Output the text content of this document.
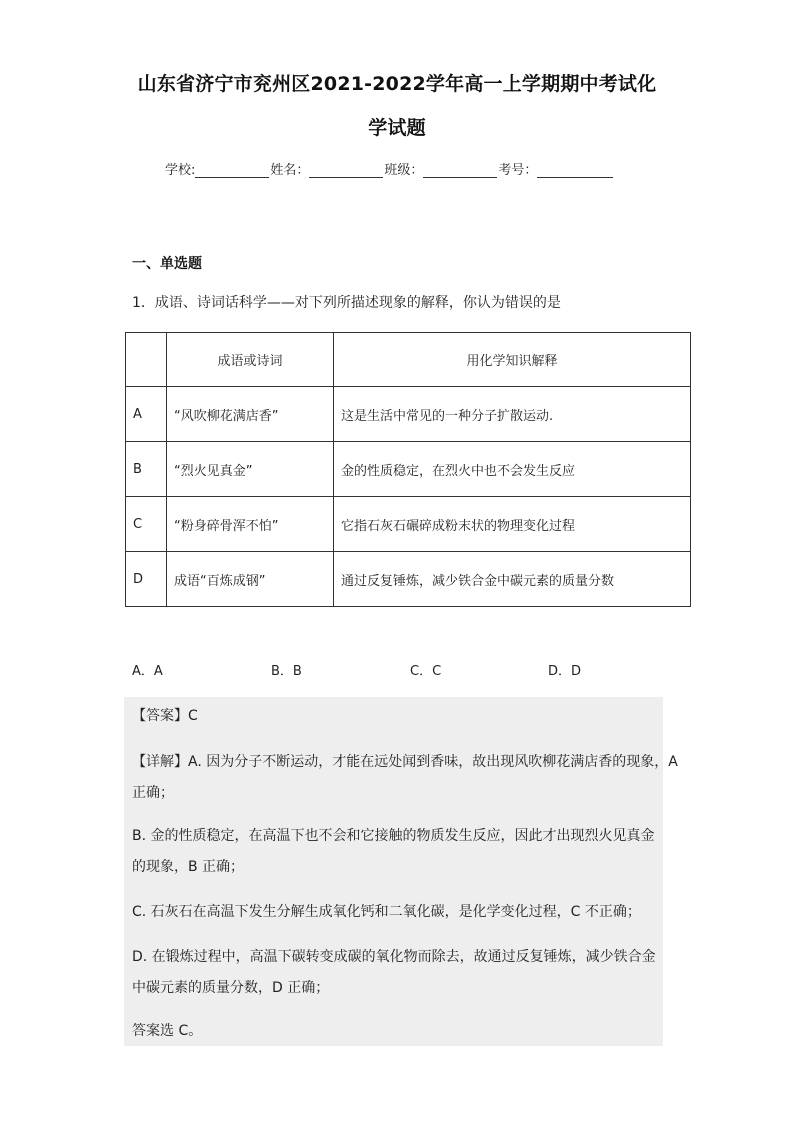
山东省济宁市兖州区2021-2022学年高一上学期期中考试化
学试题
学校:	姓名：	班级：	考号：
一、单选题
1．成语、诗词话科学——对下列所描述现象的解释，你认为错误的是
	成语或诗词	用化学知识解释
A	“风吹柳花满店香”	这是生活中常见的一种分子扩散运动.
B	“烈火见真金”	金的性质稳定，在烈火中也不会发生反应
C	“粉身碎骨浑不怕”	它指石灰石碾碎成粉末状的物理变化过程
D	成语“百炼成钢”	通过反复锤炼，减少铁合金中碳元素的质量分数
A．A	B．B	C．C	D．D
【答案】C
【详解】A. 因为分子不断运动，才能在远处闻到香味，故出现风吹柳花满店香的现象，A
正确；
B. 金的性质稳定，在高温下也不会和它接触的物质发生反应，因此才出现烈火见真金
的现象，B 正确；
C. 石灰石在高温下发生分解生成氧化钙和二氧化碳，是化学变化过程，C 不正确；
D. 在锻炼过程中，高温下碳转变成碳的氧化物而除去，故通过反复锤炼，减少铁合金
中碳元素的质量分数，D 正确；
答案选 C。
